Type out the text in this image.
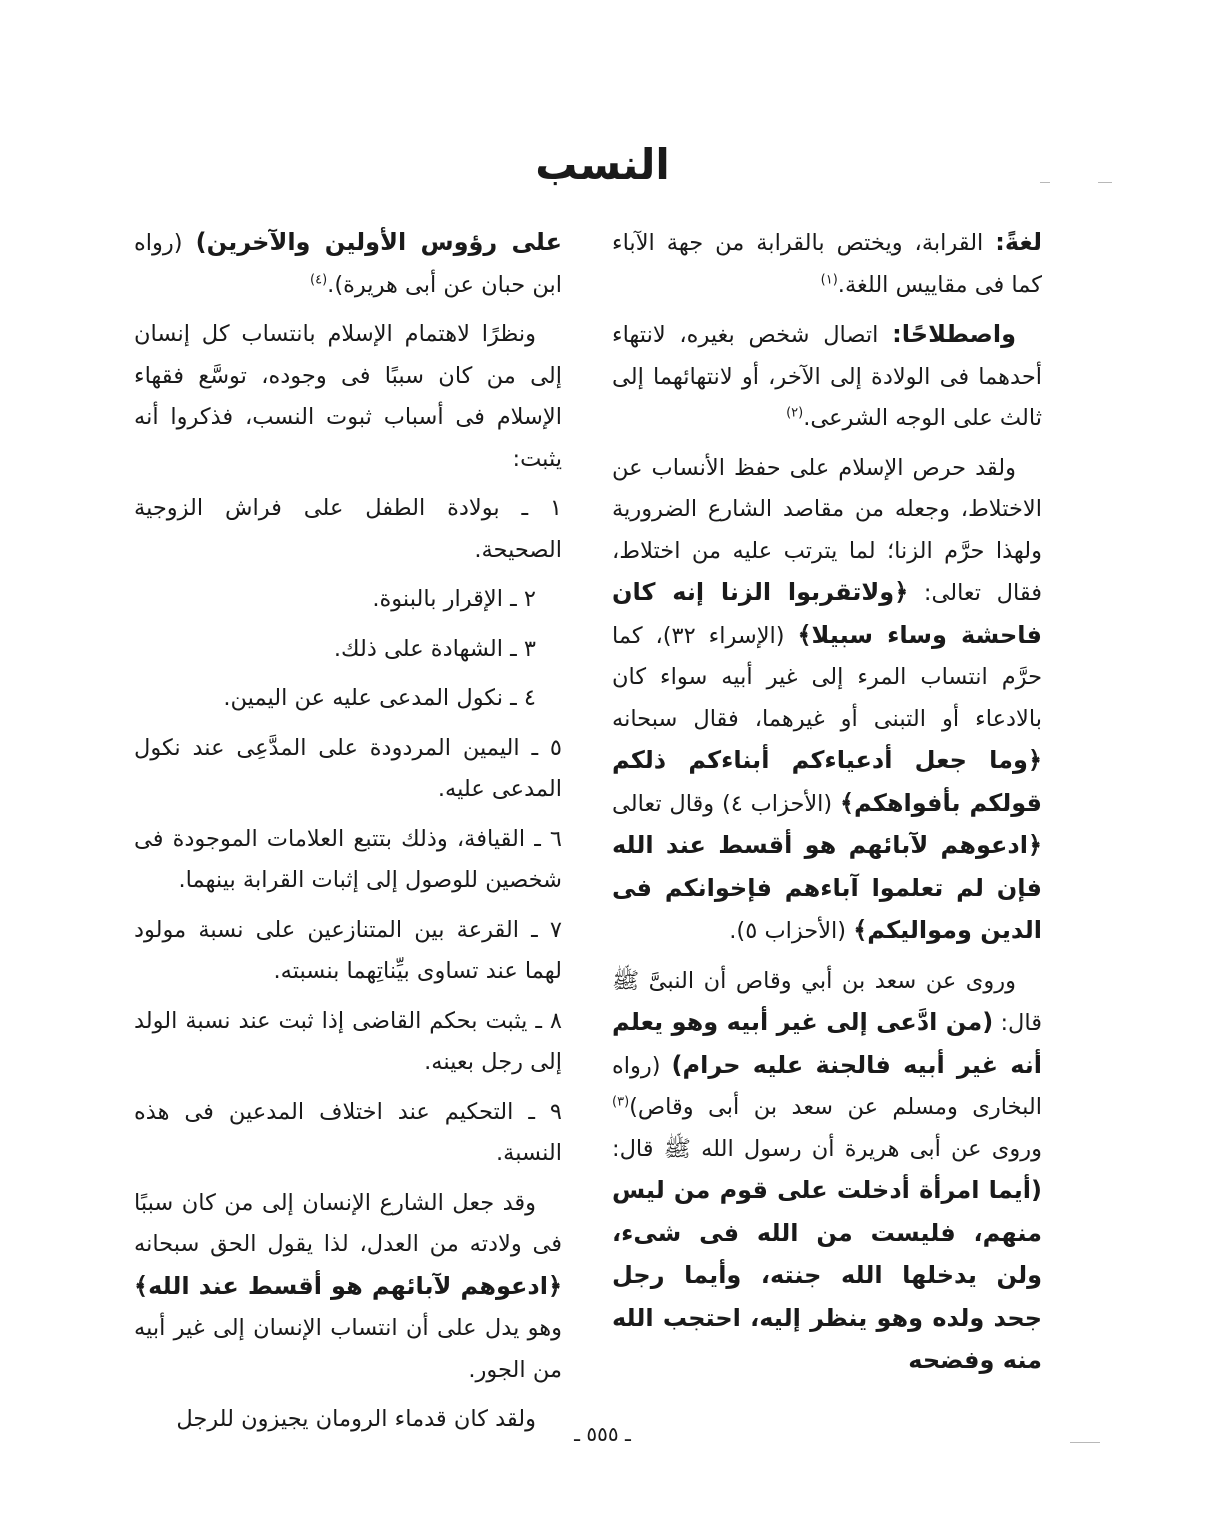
النسب

لغةً: القرابة، ويختص بالقرابة من جهة الآباء كما فى مقاييس اللغة.$^{(١)}$

واصطلاحًا: اتصال شخص بغيره، لانتهاء أحدهما فى الولادة إلى الآخر، أو لانتهائهما إلى ثالث على الوجه الشرعى.$^{(٢)}$

ولقد حرص الإسلام على حفظ الأنساب عن الاختلاط، وجعله من مقاصد الشارع الضرورية ولهذا حرَّم الزنا؛ لما يترتب عليه من اختلاط، فقال تعالى: ﴿ولاتقربوا الزنا إنه كان فاحشة وساء سبيلا﴾ (الإسراء ٣٢)، كما حرَّم انتساب المرء إلى غير أبيه سواء كان بالادعاء أو التبنى أو غيرهما، فقال سبحانه ﴿وما جعل أدعياءكم أبناءكم ذلكم قولكم بأفواهكم﴾ (الأحزاب ٤) وقال تعالى ﴿ادعوهم لآبائهم هو أقسط عند الله فإن لم تعلموا آباءهم فإخوانكم فى الدين ومواليكم﴾ (الأحزاب ٥).

وروى عن سعد بن أبي وقاص أن النبىَّ ﷺ قال: (من ادَّعى إلى غير أبيه وهو يعلم أنه غير أبيه فالجنة عليه حرام) (رواه البخارى ومسلم عن سعد بن أبى وقاص)$^{(٣)}$ وروى عن أبى هريرة أن رسول الله ﷺ قال: (أيما امرأة أدخلت على قوم من ليس منهم، فليست من الله فى شىء، ولن يدخلها الله جنته، وأيما رجل جحد ولده وهو ينظر إليه، احتجب الله منه وفضحه

على رؤوس الأولين والآخرين) (رواه ابن حبان عن أبى هريرة).$^{(٤)}$

ونظرًا لاهتمام الإسلام بانتساب كل إنسان إلى من كان سببًا فى وجوده، توسَّع فقهاء الإسلام فى أسباب ثبوت النسب، فذكروا أنه يثبت:

١ ـ بولادة الطفل على فراش الزوجية الصحيحة.

٢ ـ الإقرار بالبنوة.

٣ ـ الشهادة على ذلك.

٤ ـ نكول المدعى عليه عن اليمين.

٥ ـ اليمين المردودة على المدَّعِى عند نكول المدعى عليه.

٦ ـ القيافة، وذلك بتتبع العلامات الموجودة فى شخصين للوصول إلى إثبات القرابة بينهما.

٧ ـ القرعة بين المتنازعين على نسبة مولود لهما عند تساوى بيِّناتِهما بنسبته.

٨ ـ يثبت بحكم القاضى إذا ثبت عند نسبة الولد إلى رجل بعينه.

٩ ـ التحكيم عند اختلاف المدعين فى هذه النسبة.

وقد جعل الشارع الإنسان إلى من كان سببًا فى ولادته من العدل، لذا يقول الحق سبحانه ﴿ادعوهم لآبائهم هو أقسط عند الله﴾ وهو يدل على أن انتساب الإنسان إلى غير أبيه من الجور.

ولقد كان قدماء الرومان يجيزون للرجل

ـ ٥٥٥ ـ
